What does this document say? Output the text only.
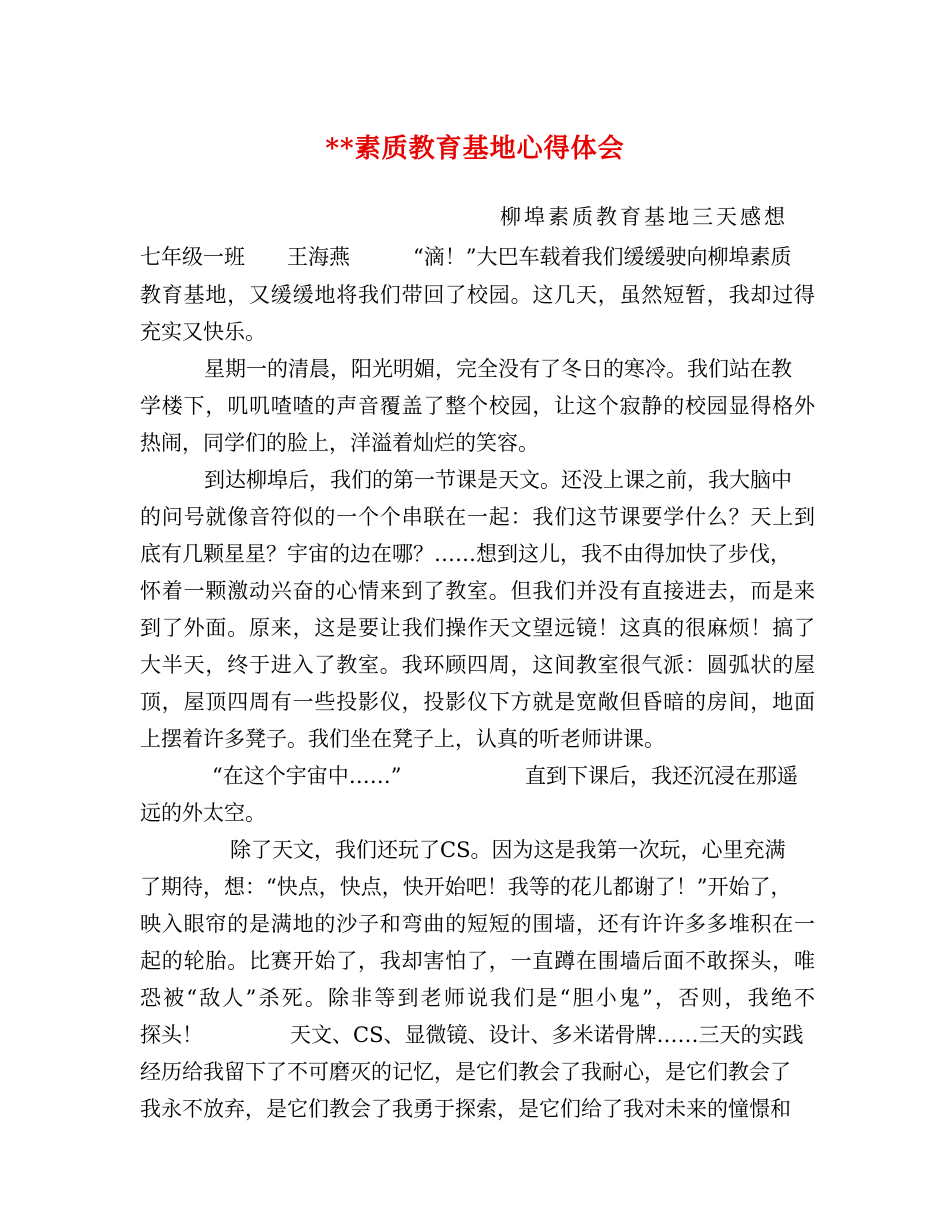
**素质教育基地心得体会
柳埠素质教育基地三天感想
七年级一班　　王海燕　　　“滴！”大巴车载着我们缓缓驶向柳埠素质
教育基地，又缓缓地将我们带回了校园。这几天，虽然短暂，我却过得
充实又快乐。
星期一的清晨，阳光明媚，完全没有了冬日的寒冷。我们站在教
学楼下，叽叽喳喳的声音覆盖了整个校园，让这个寂静的校园显得格外
热闹，同学们的脸上，洋溢着灿烂的笑容。
到达柳埠后，我们的第一节课是天文。还没上课之前，我大脑中
的问号就像音符似的一个个串联在一起：我们这节课要学什么？天上到
底有几颗星星？宇宙的边在哪？……想到这儿，我不由得加快了步伐，
怀着一颗激动兴奋的心情来到了教室。但我们并没有直接进去，而是来
到了外面。原来，这是要让我们操作天文望远镜！这真的很麻烦！搞了
大半天，终于进入了教室。我环顾四周，这间教室很气派：圆弧状的屋
顶，屋顶四周有一些投影仪，投影仪下方就是宽敞但昏暗的房间，地面
上摆着许多凳子。我们坐在凳子上，认真的听老师讲课。
“在这个宇宙中……”	直到下课后，我还沉浸在那遥
远的外太空。
除了天文，我们还玩了CS。因为这是我第一次玩，心里充满
了期待，想：“快点，快点，快开始吧！我等的花儿都谢了！”开始了，
映入眼帘的是满地的沙子和弯曲的短短的围墙，还有许许多多堆积在一
起的轮胎。比赛开始了，我却害怕了，一直蹲在围墙后面不敢探头，唯
恐被“敌人”杀死。除非等到老师说我们是“胆小鬼”，否则，我绝不
探头！	天文、CS、显微镜、设计、多米诺骨牌……三天的实践
经历给我留下了不可磨灭的记忆，是它们教会了我耐心，是它们教会了
我永不放弃，是它们教会了我勇于探索，是它们给了我对未来的憧憬和
